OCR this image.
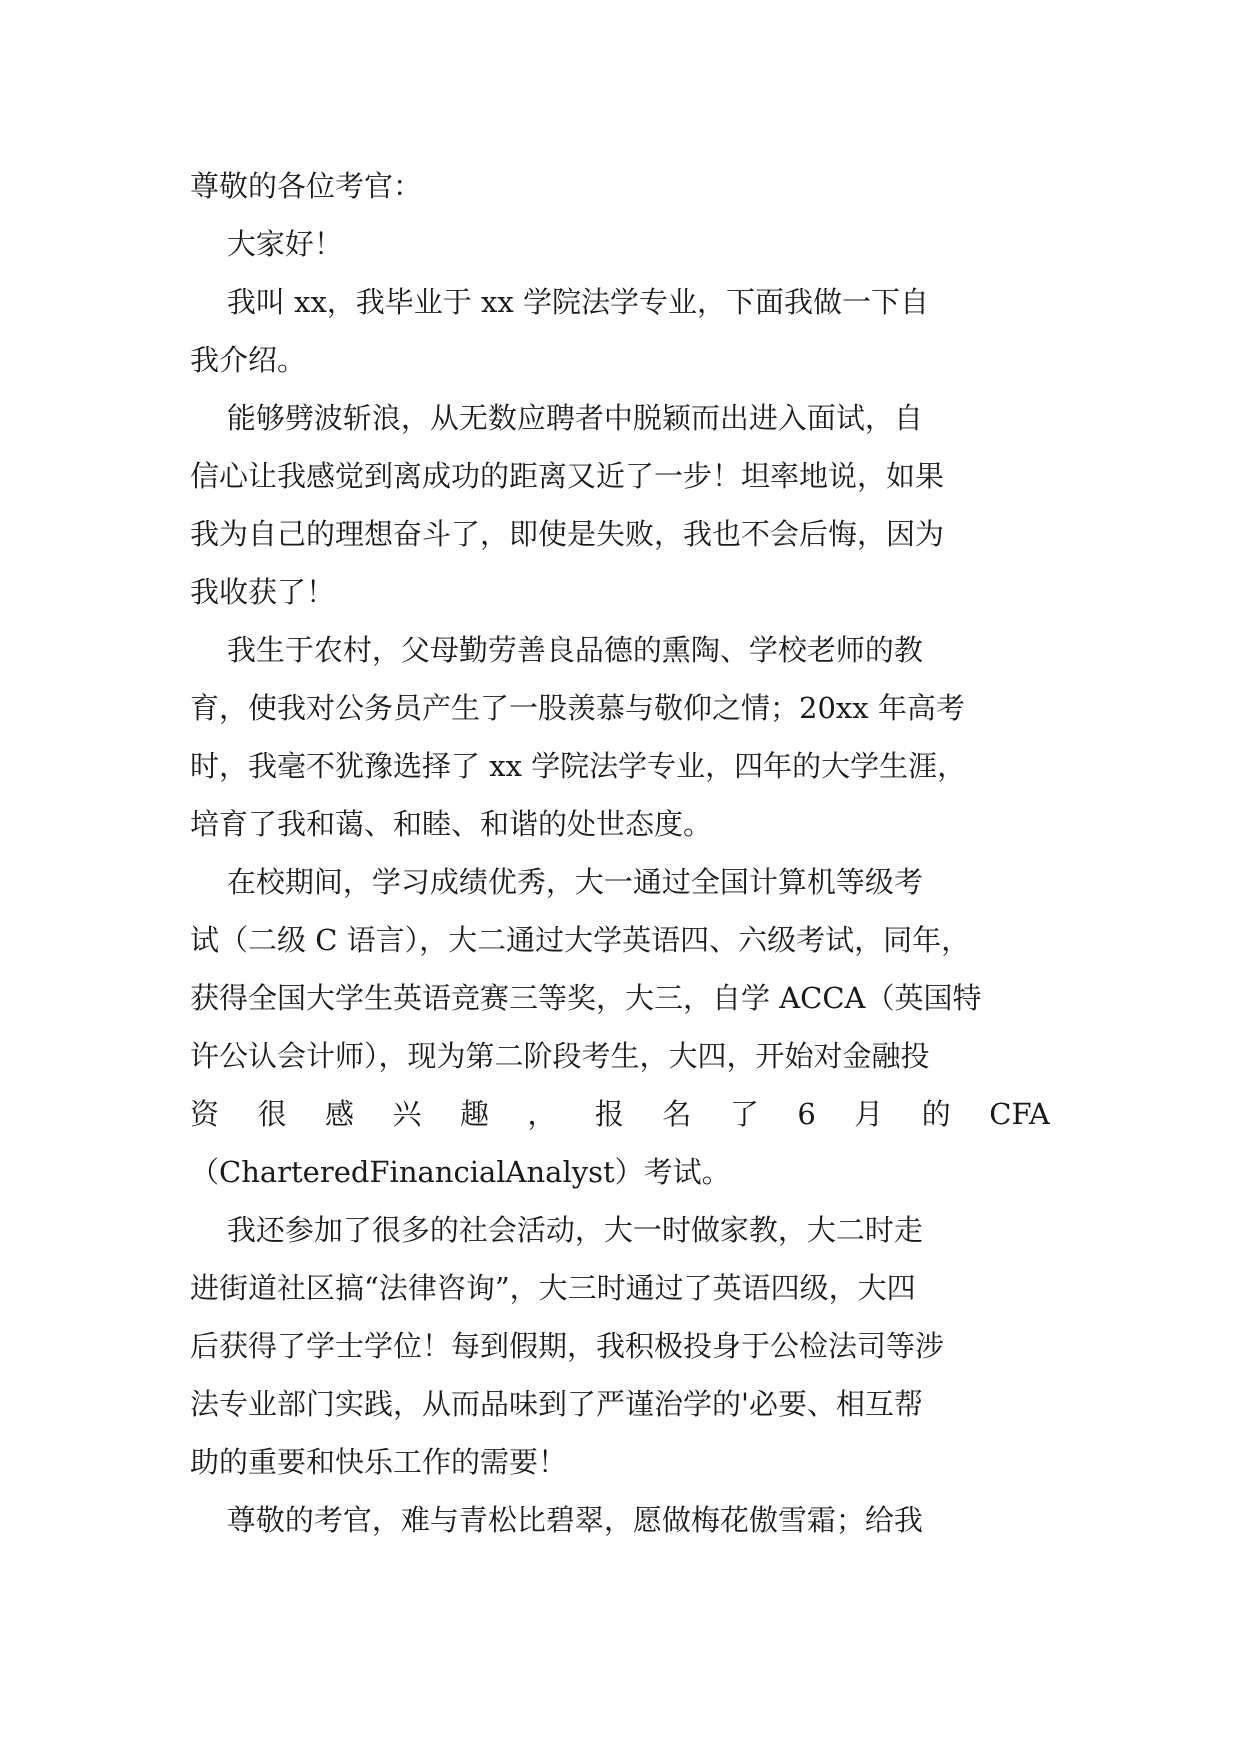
尊敬的各位考官：
大家好！
我叫 xx，我毕业于 xx 学院法学专业，下面我做一下自
我介绍。
能够劈波斩浪，从无数应聘者中脱颖而出进入面试，自
信心让我感觉到离成功的距离又近了一步！坦率地说，如果
我为自己的理想奋斗了，即使是失败，我也不会后悔，因为
我收获了！
我生于农村，父母勤劳善良品德的熏陶、学校老师的教
育，使我对公务员产生了一股羡慕与敬仰之情；20xx 年高考
时，我毫不犹豫选择了 xx 学院法学专业，四年的大学生涯，
培育了我和蔼、和睦、和谐的处世态度。
在校期间，学习成绩优秀，大一通过全国计算机等级考
试（二级 C 语言），大二通过大学英语四、六级考试，同年，
获得全国大学生英语竞赛三等奖，大三，自学 ACCA（英国特
许公认会计师），现为第二阶段考生，大四，开始对金融投
资 很 感 兴 趣 ， 报 名 了 6 月 的 CFA
（CharteredFinancialAnalyst）考试。
我还参加了很多的社会活动，大一时做家教，大二时走
进街道社区搞“法律咨询”，大三时通过了英语四级，大四
后获得了学士学位！每到假期，我积极投身于公检法司等涉
法专业部门实践，从而品味到了严谨治学的'必要、相互帮
助的重要和快乐工作的需要！
尊敬的考官，难与青松比碧翠，愿做梅花傲雪霜；给我
